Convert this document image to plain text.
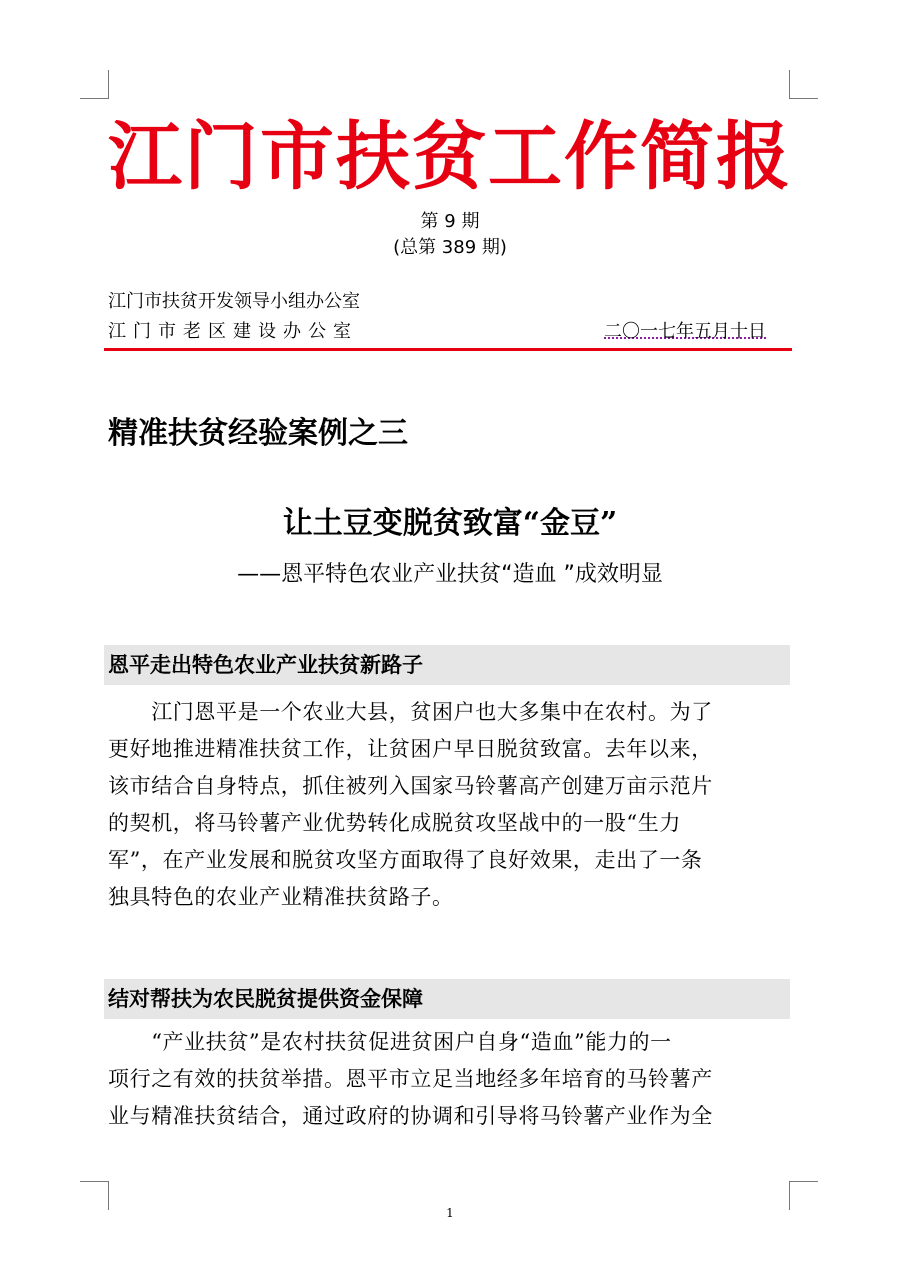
江门市扶贫工作简报
第 9 期
(总第 389 期)
江门市扶贫开发领导小组办公室
江门市老区建设办公室	二〇一七年五月十日
精准扶贫经验案例之三
让土豆变脱贫致富“金豆”
——恩平特色农业产业扶贫“造血 ”成效明显
恩平走出特色农业产业扶贫新路子
　　江门恩平是一个农业大县，贫困户也大多集中在农村。为了
更好地推进精准扶贫工作，让贫困户早日脱贫致富。去年以来，
该市结合自身特点，抓住被列入国家马铃薯高产创建万亩示范片
的契机，将马铃薯产业优势转化成脱贫攻坚战中的一股“生力
军”，在产业发展和脱贫攻坚方面取得了良好效果，走出了一条
独具特色的农业产业精准扶贫路子。
结对帮扶为农民脱贫提供资金保障
　　“产业扶贫”是农村扶贫促进贫困户自身“造血”能力的一
项行之有效的扶贫举措。恩平市立足当地经多年培育的马铃薯产
业与精准扶贫结合，通过政府的协调和引导将马铃薯产业作为全
1
